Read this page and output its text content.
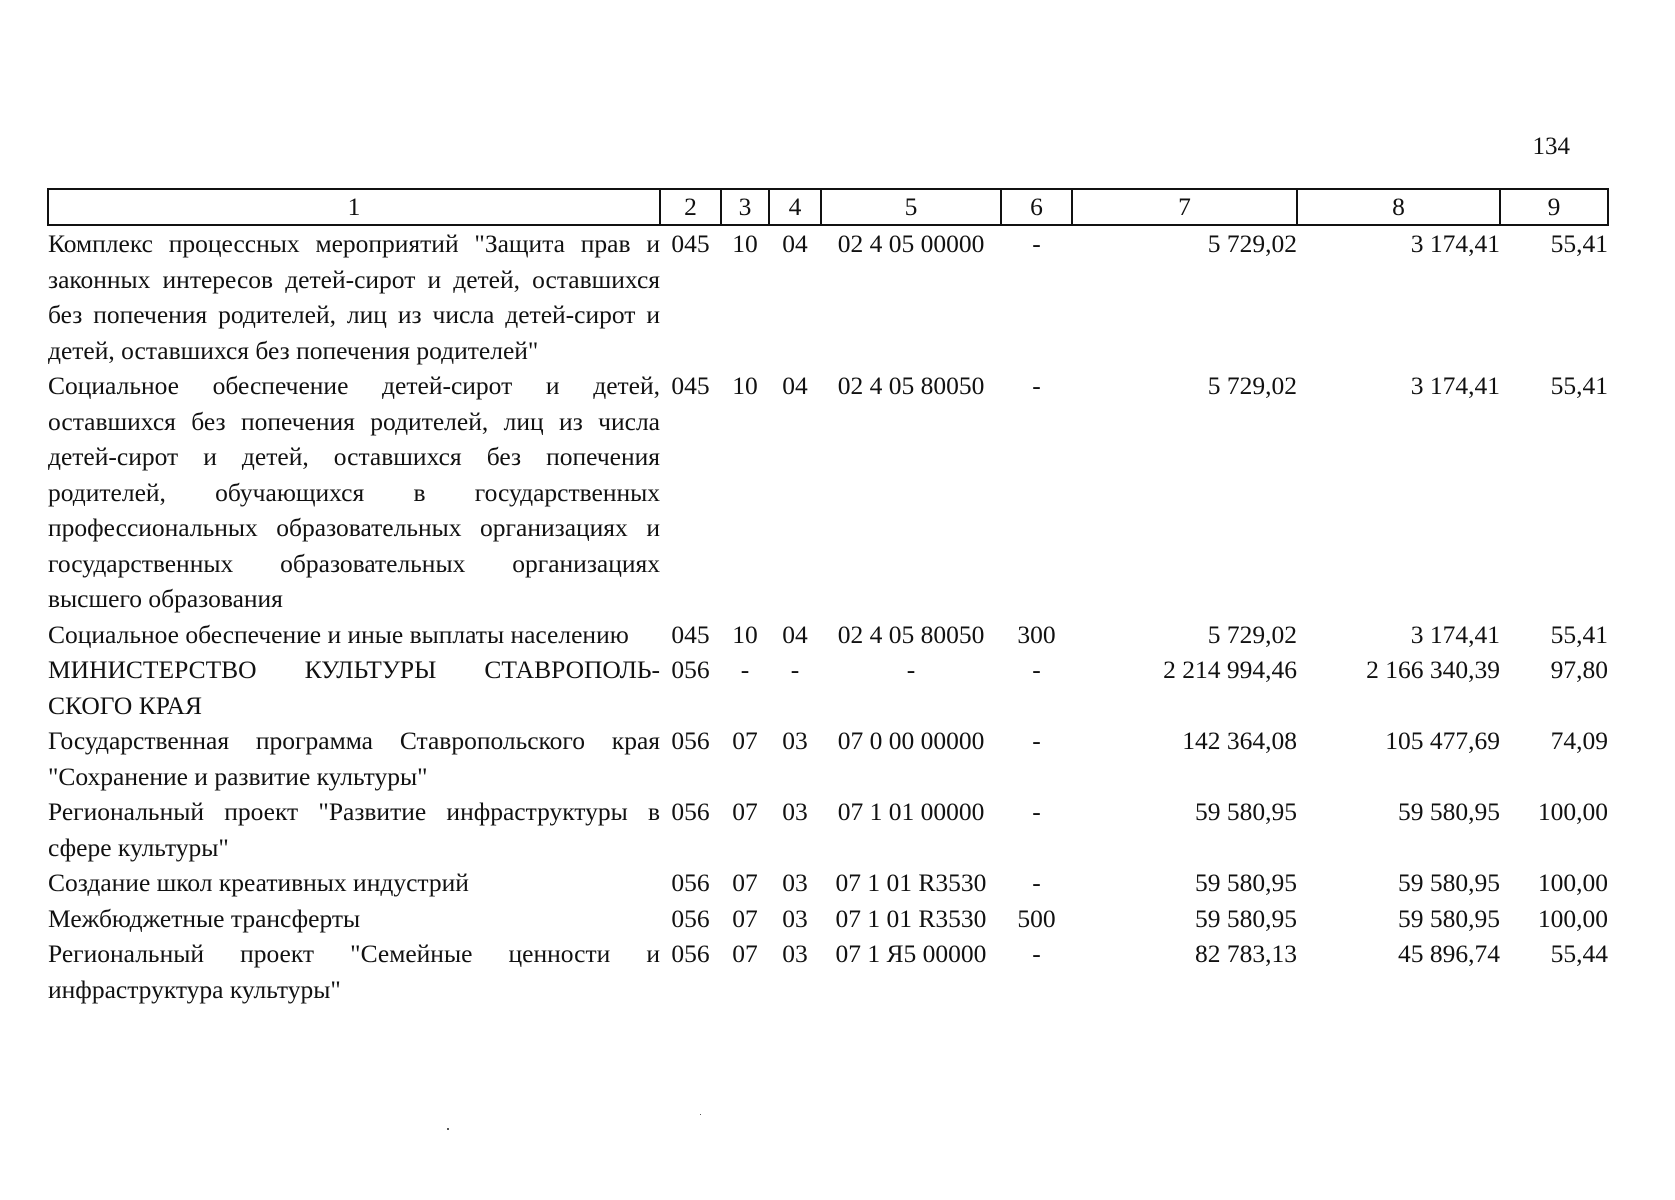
134
1	2	3	4	5	6	7	8	9
Комплекс процессных мероприятий "Защита прав и законных интересов детей-сирот и детей, оставшихся без попечения родителей, лиц из числа детей-сирот и детей, оставшихся без попечения родителей"	045	10	04	02 4 05 00000	-	5 729,02	3 174,41	55,41
Социальное обеспечение детей-сирот и детей, оставшихся без попечения родителей, лиц из числа детей-сирот и детей, оставшихся без попечения родителей, обучающихся в государственных профессиональных образовательных организациях и государственных образовательных организациях высшего образования	045	10	04	02 4 05 80050	-	5 729,02	3 174,41	55,41
Социальное обеспечение и иные выплаты населению	045	10	04	02 4 05 80050	300	5 729,02	3 174,41	55,41
МИНИСТЕРСТВО КУЛЬТУРЫ СТАВРОПОЛЬ-СКОГО КРАЯ	056	-	-	-	-	2 214 994,46	2 166 340,39	97,80
Государственная программа Ставропольского края "Сохранение и развитие культуры"	056	07	03	07 0 00 00000	-	142 364,08	105 477,69	74,09
Региональный проект "Развитие инфраструктуры в сфере культуры"	056	07	03	07 1 01 00000	-	59 580,95	59 580,95	100,00
Создание школ креативных индустрий	056	07	03	07 1 01 R3530	-	59 580,95	59 580,95	100,00
Межбюджетные трансферты	056	07	03	07 1 01 R3530	500	59 580,95	59 580,95	100,00
Региональный проект "Семейные ценности и инфраструктура культуры"	056	07	03	07 1 Я5 00000	-	82 783,13	45 896,74	55,44
